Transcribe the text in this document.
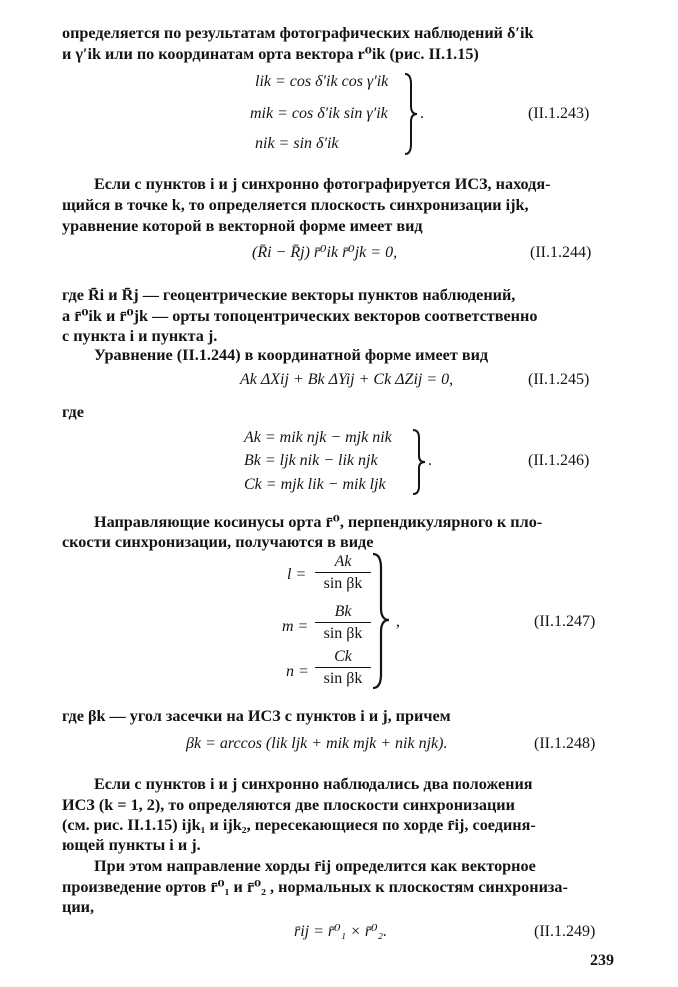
определяется по результатам фотографических наблюдений δ′ik
и γ′ik или по координатам орта вектора r⁰ik (рис. II.1.15)
lik = cos δ′ik cos γ′ik
mik = cos δ′ik sin γ′ik
nik = sin δ′ik
.	(II.1.243)
Если с пунктов i и j синхронно фотографируется ИСЗ, находя-
щийся в точке k, то определяется плоскость синхронизации ijk,
уравнение которой в векторной форме имеет вид
(R̄i − R̄j) r̄⁰ik r̄⁰jk = 0,	(II.1.244)
где R̄i и R̄j — геоцентрические векторы пунктов наблюдений,
a r̄⁰ik и r̄⁰jk — орты топоцентрических векторов соответственно
с пункта i и пункта j.
Уравнение (II.1.244) в координатной форме имеет вид
Ak ΔXij + Bk ΔYij + Ck ΔZij = 0,	(II.1.245)
где
Ak = mik njk − mjk nik
Bk = ljk nik − lik njk
Ck = mjk lik − mik ljk
.	(II.1.246)
Направляющие косинусы орта r̄⁰, перпендикулярного к пло-
скости синхронизации, получаются в виде
l =
Ak
sin βk
m =
Bk
sin βk
n =
Ck
sin βk
,	(II.1.247)
где βk — угол засечки на ИСЗ с пунктов i и j, причем
βk = arccos (lik ljk + mik mjk + nik njk).	(II.1.248)
Если с пунктов i и j синхронно наблюдались два положения
ИСЗ (k = 1, 2), то определяются две плоскости синхронизации
(см. рис. II.1.15) ijk₁ и ijk₂, пересекающиеся по хорде r̄ij, соединя-
ющей пункты i и j.
При этом направление хорды r̄ij определится как векторное
произведение ортов r̄⁰₁ и r̄⁰₂ , нормальных к плоскостям синхрониза-
ции,
r̄ij = r̄⁰₁ × r̄⁰₂.	(II.1.249)
239
